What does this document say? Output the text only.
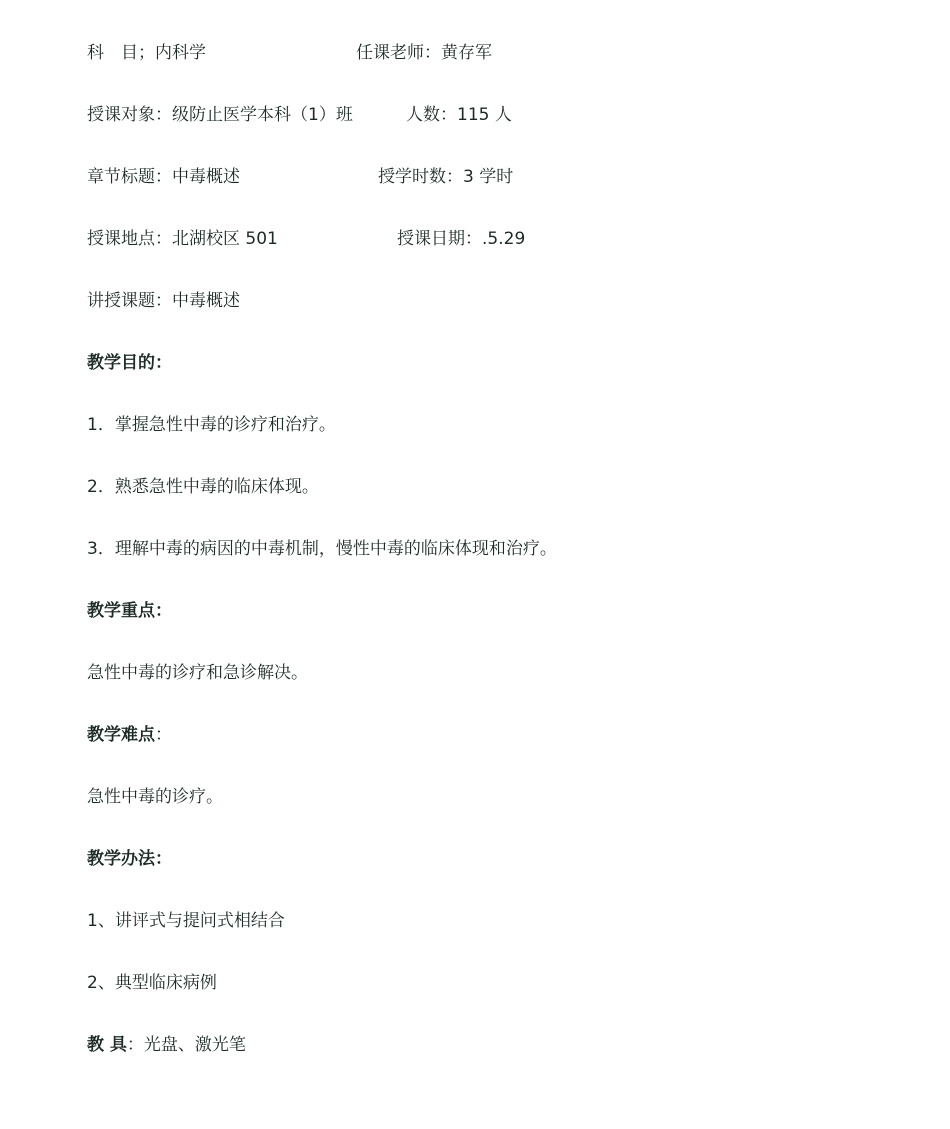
科　目；内科学	任课老师：黄存军
授课对象：级防止医学本科（1）班	人数：115 人
章节标题：中毒概述	授学时数：3 学时
授课地点：北湖校区 501	授课日期：.5.29
讲授课题：中毒概述
教学目的：
1．掌握急性中毒的诊疗和治疗。
2．熟悉急性中毒的临床体现。
3．理解中毒的病因的中毒机制，慢性中毒的临床体现和治疗。
教学重点：
急性中毒的诊疗和急诊解决。
教学难点：
急性中毒的诊疗。
教学办法：
1、讲评式与提问式相结合
2、典型临床病例
教 具：光盘、激光笔
